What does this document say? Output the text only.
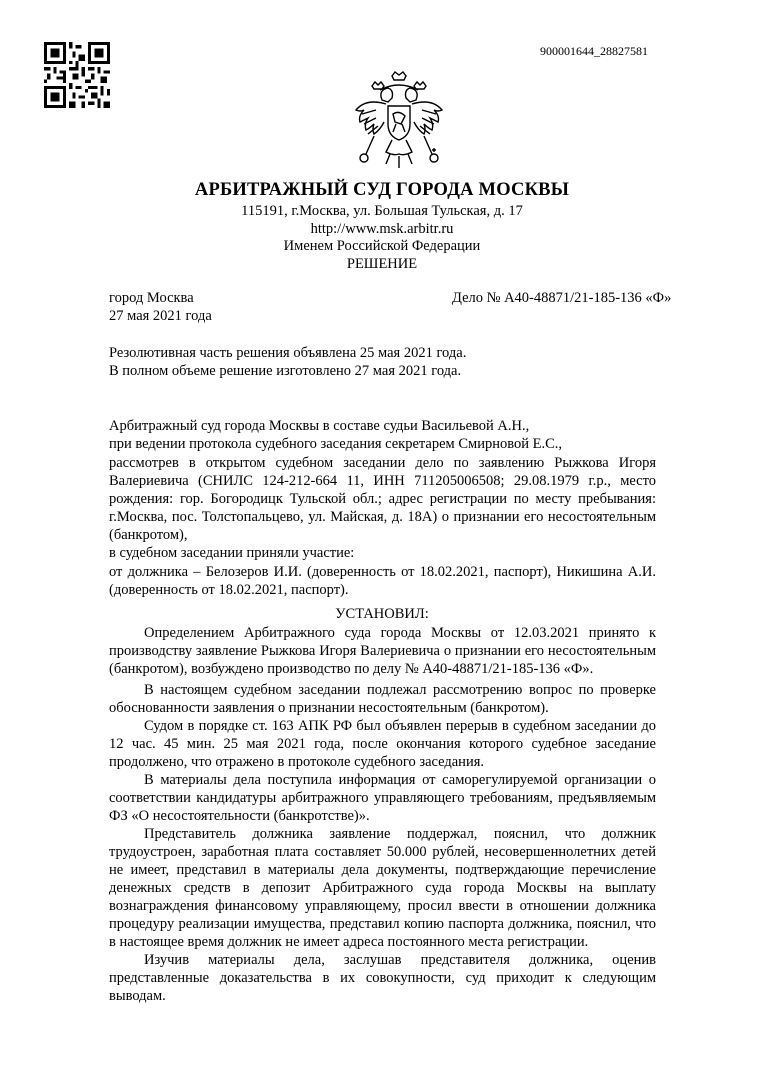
900001644_28827581
АРБИТРАЖНЫЙ СУД ГОРОДА МОСКВЫ
115191, г.Москва, ул. Большая Тульская, д. 17
http://www.msk.arbitr.ru
Именем Российской Федерации
РЕШЕНИЕ
город Москва
27 мая 2021 года
Дело № А40-48871/21-185-136 «Ф»
Резолютивная часть решения объявлена 25 мая 2021 года.
В полном объеме решение изготовлено 27 мая 2021 года.
Арбитражный суд города Москвы в составе судьи Васильевой А.Н.,
при ведении протокола судебного заседания секретарем Смирновой Е.С.,
рассмотрев в открытом судебном заседании дело по заявлению Рыжкова Игоря Валериевича (СНИЛС 124-212-664 11, ИНН 711205006508; 29.08.1979 г.р., место рождения: гор. Богородицк Тульской обл.; адрес регистрации по месту пребывания: г.Москва, пос. Толстопальцево, ул. Майская, д. 18А) о признании его несостоятельным (банкротом),
в судебном заседании приняли участие:
от должника – Белозеров И.И. (доверенность от 18.02.2021, паспорт), Никишина А.И. (доверенность от 18.02.2021, паспорт).
УСТАНОВИЛ:
Определением Арбитражного суда города Москвы от 12.03.2021 принято к производству заявление Рыжкова Игоря Валериевича о признании его несостоятельным (банкротом), возбуждено производство по делу № А40-48871/21-185-136 «Ф».
В настоящем судебном заседании подлежал рассмотрению вопрос по проверке обоснованности заявления о признании несостоятельным (банкротом).
Судом в порядке ст. 163 АПК РФ был объявлен перерыв в судебном заседании до 12 час. 45 мин. 25 мая 2021 года, после окончания которого судебное заседание продолжено, что отражено в протоколе судебного заседания.
В материалы дела поступила информация от саморегулируемой организации о соответствии кандидатуры арбитражного управляющего требованиям, предъявляемым ФЗ «О несостоятельности (банкротстве)».
Представитель должника заявление поддержал, пояснил, что должник трудоустроен, заработная плата составляет 50.000 рублей, несовершеннолетних детей не имеет, представил в материалы дела документы, подтверждающие перечисление денежных средств в депозит Арбитражного суда города Москвы на выплату вознаграждения финансовому управляющему, просил ввести в отношении должника процедуру реализации имущества, представил копию паспорта должника, пояснил, что в настоящее время должник не имеет адреса постоянного места регистрации.
Изучив материалы дела, заслушав представителя должника, оценив представленные доказательства в их совокупности, суд приходит к следующим выводам.
